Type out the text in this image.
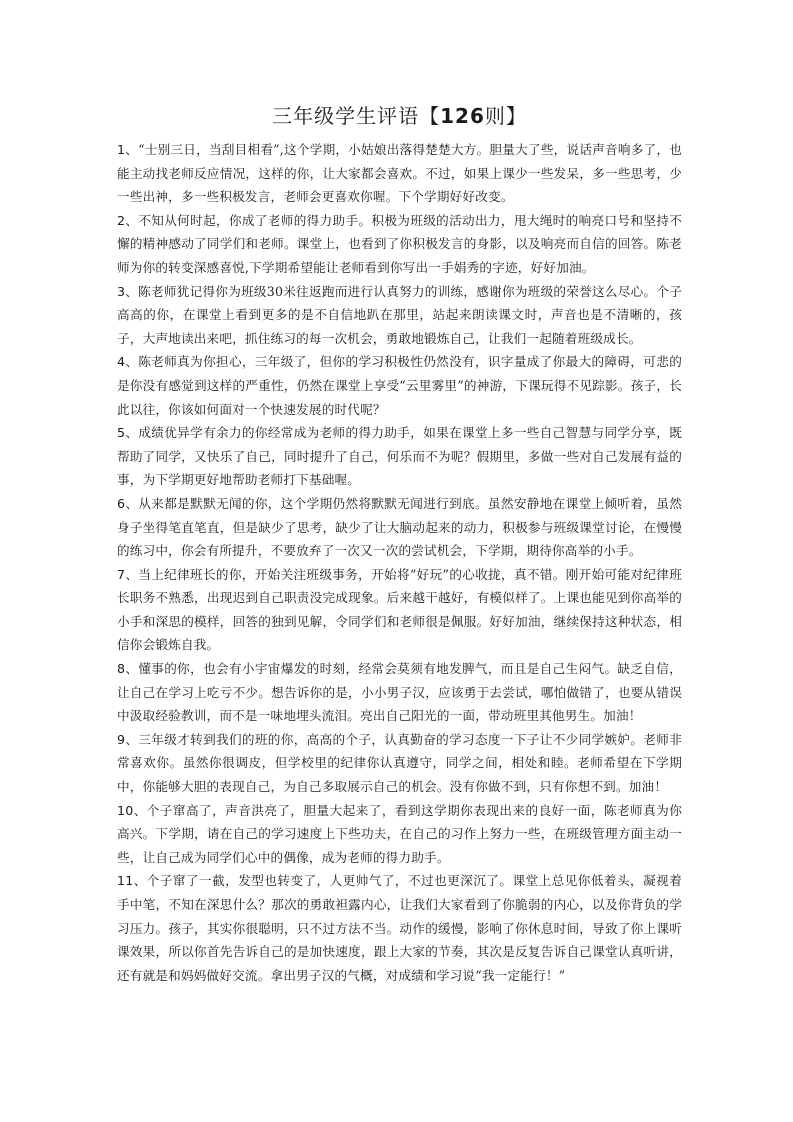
三年级学生评语【126则】

1、“士别三日，当刮目相看”,这个学期，小姑娘出落得楚楚大方。胆量大了些，说话声音响多了，也能主动找老师反应情况，这样的你，让大家都会喜欢。不过，如果上课少一些发呆，多一些思考，少一些出神，多一些积极发言，老师会更喜欢你喔。下个学期好好改变。

2、不知从何时起，你成了老师的得力助手。积极为班级的活动出力，甩大绳时的响亮口号和坚持不懈的精神感动了同学们和老师。课堂上，也看到了你积极发言的身影，以及响亮而自信的回答。陈老师为你的转变深感喜悦,下学期希望能让老师看到你写出一手娟秀的字迹，好好加油。

3、陈老师犹记得你为班级30米往返跑而进行认真努力的训练，感谢你为班级的荣誉这么尽心。个子高高的你，在课堂上看到更多的是不自信地趴在那里，站起来朗读课文时，声音也是不清晰的，孩子，大声地读出来吧，抓住练习的每一次机会，勇敢地锻炼自己，让我们一起随着班级成长。

4、陈老师真为你担心，三年级了，但你的学习积极性仍然没有，识字量成了你最大的障碍，可悲的是你没有感觉到这样的严重性，仍然在课堂上享受“云里雾里”的神游，下课玩得不见踪影。孩子，长此以往，你该如何面对一个快速发展的时代呢？

5、成绩优异学有余力的你经常成为老师的得力助手，如果在课堂上多一些自己智慧与同学分享，既帮助了同学，又快乐了自己，同时提升了自己，何乐而不为呢？假期里，多做一些对自己发展有益的事，为下学期更好地帮助老师打下基础喔。

6、从来都是默默无闻的你，这个学期仍然将默默无闻进行到底。虽然安静地在课堂上倾听着，虽然身子坐得笔直笔直，但是缺少了思考，缺少了让大脑动起来的动力，积极参与班级课堂讨论，在慢慢的练习中，你会有所提升，不要放弃了一次又一次的尝试机会，下学期，期待你高举的小手。

7、当上纪律班长的你，开始关注班级事务，开始将“好玩”的心收拢，真不错。刚开始可能对纪律班长职务不熟悉，出现迟到自己职责没完成现象。后来越干越好，有模似样了。上课也能见到你高举的小手和深思的模样，回答的独到见解，令同学们和老师很是佩服。好好加油，继续保持这种状态，相信你会锻炼自我。

8、懂事的你，也会有小宇宙爆发的时刻，经常会莫须有地发脾气，而且是自己生闷气。缺乏自信，让自己在学习上吃亏不少。想告诉你的是，小小男子汉，应该勇于去尝试，哪怕做错了，也要从错误中汲取经验教训，而不是一味地埋头流泪。亮出自己阳光的一面，带动班里其他男生。加油！

9、三年级才转到我们的班的你，高高的个子，认真勤奋的学习态度一下子让不少同学嫉妒。老师非常喜欢你。虽然你很调皮，但学校里的纪律你认真遵守，同学之间，相处和睦。老师希望在下学期中，你能够大胆的表现自己，为自己多取展示自己的机会。没有你做不到，只有你想不到。加油！

10、个子窜高了，声音洪亮了，胆量大起来了，看到这学期你表现出来的良好一面，陈老师真为你高兴。下学期，请在自己的学习速度上下些功夫，在自己的习作上努力一些，在班级管理方面主动一些，让自己成为同学们心中的偶像，成为老师的得力助手。

11、个子窜了一截，发型也转变了，人更帅气了，不过也更深沉了。课堂上总见你低着头，凝视着手中笔，不知在深思什么？那次的勇敢袒露内心，让我们大家看到了你脆弱的内心，以及你背负的学习压力。孩子，其实你很聪明，只不过方法不当。动作的缓慢，影响了你休息时间，导致了你上课听课效果，所以你首先告诉自己的是加快速度，跟上大家的节奏，其次是反复告诉自己课堂认真听讲，还有就是和妈妈做好交流。拿出男子汉的气概，对成绩和学习说“我一定能行！”
